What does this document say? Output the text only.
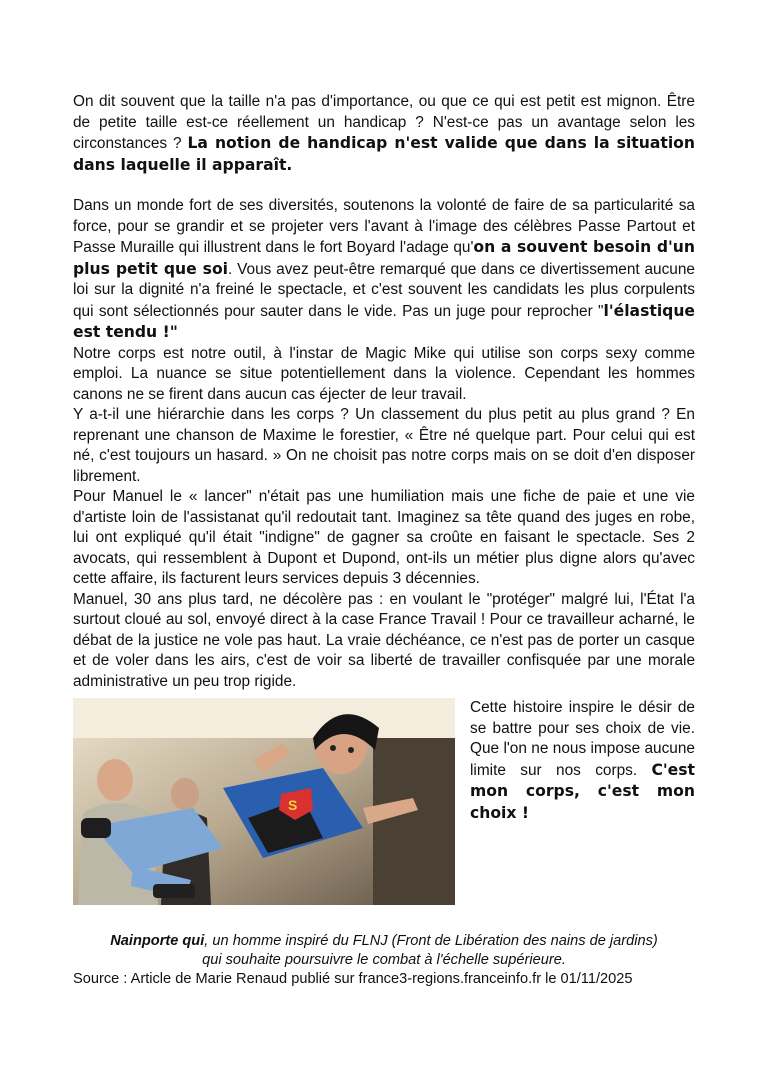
On dit souvent que la taille n'a pas d'importance, ou que ce qui est petit est mignon. Être de petite taille est-ce réellement un handicap ? N'est-ce pas un avantage selon les circonstances ? La notion de handicap n'est valide que dans la situation dans laquelle il apparaît.

Dans un monde fort de ses diversités, soutenons la volonté de faire de sa particularité sa force, pour se grandir et se projeter vers l'avant à l'image des célèbres Passe Partout et Passe Muraille qui illustrent dans le fort Boyard l'adage qu'on a souvent besoin d'un plus petit que soi. Vous avez peut-être remarqué que dans ce divertissement aucune loi sur la dignité n'a freiné le spectacle, et c'est souvent les candidats les plus corpulents qui sont sélectionnés pour sauter dans le vide. Pas un juge pour reprocher "l'élastique est tendu !"

Notre corps est notre outil, à l'instar de Magic Mike qui utilise son corps sexy comme emploi. La nuance se situe potentiellement dans la violence. Cependant les hommes canons ne se firent dans aucun cas éjecter de leur travail.

Y a-t-il une hiérarchie dans les corps ? Un classement du plus petit au plus grand ? En reprenant une chanson de Maxime le forestier, « Être né quelque part. Pour celui qui est né, c'est toujours un hasard. » On ne choisit pas notre corps mais on se doit d'en disposer librement.

Pour Manuel le « lancer" n'était pas une humiliation mais une fiche de paie et une vie d'artiste loin de l'assistanat qu'il redoutait tant. Imaginez sa tête quand des juges en robe, lui ont expliqué qu'il était "indigne" de gagner sa croûte en faisant le spectacle. Ses 2 avocats, qui ressemblent à Dupont et Dupond, ont-ils un métier plus digne alors qu'avec cette affaire, ils facturent leurs services depuis 3 décennies.

Manuel, 30 ans plus tard, ne décolère pas : en voulant le "protéger" malgré lui, l'État l'a surtout cloué au sol, envoyé direct à la case France Travail ! Pour ce travailleur acharné, le débat de la justice ne vole pas haut. La vraie déchéance, ce n'est pas de porter un casque et de voler dans les airs, c'est de voir sa liberté de travailler confisquée par une morale administrative un peu trop rigide.

S
Cette histoire inspire le désir de se battre pour ses choix de vie. Que l'on ne nous impose aucune limite sur nos corps. C'est mon corps, c'est mon choix !

Nainporte qui, un homme inspiré du FLNJ (Front de Libération des nains de jardins)

qui souhaite poursuivre le combat à l'échelle supérieure.

Source : Article de Marie Renaud publié sur france3-regions.franceinfo.fr le 01/11/2025
